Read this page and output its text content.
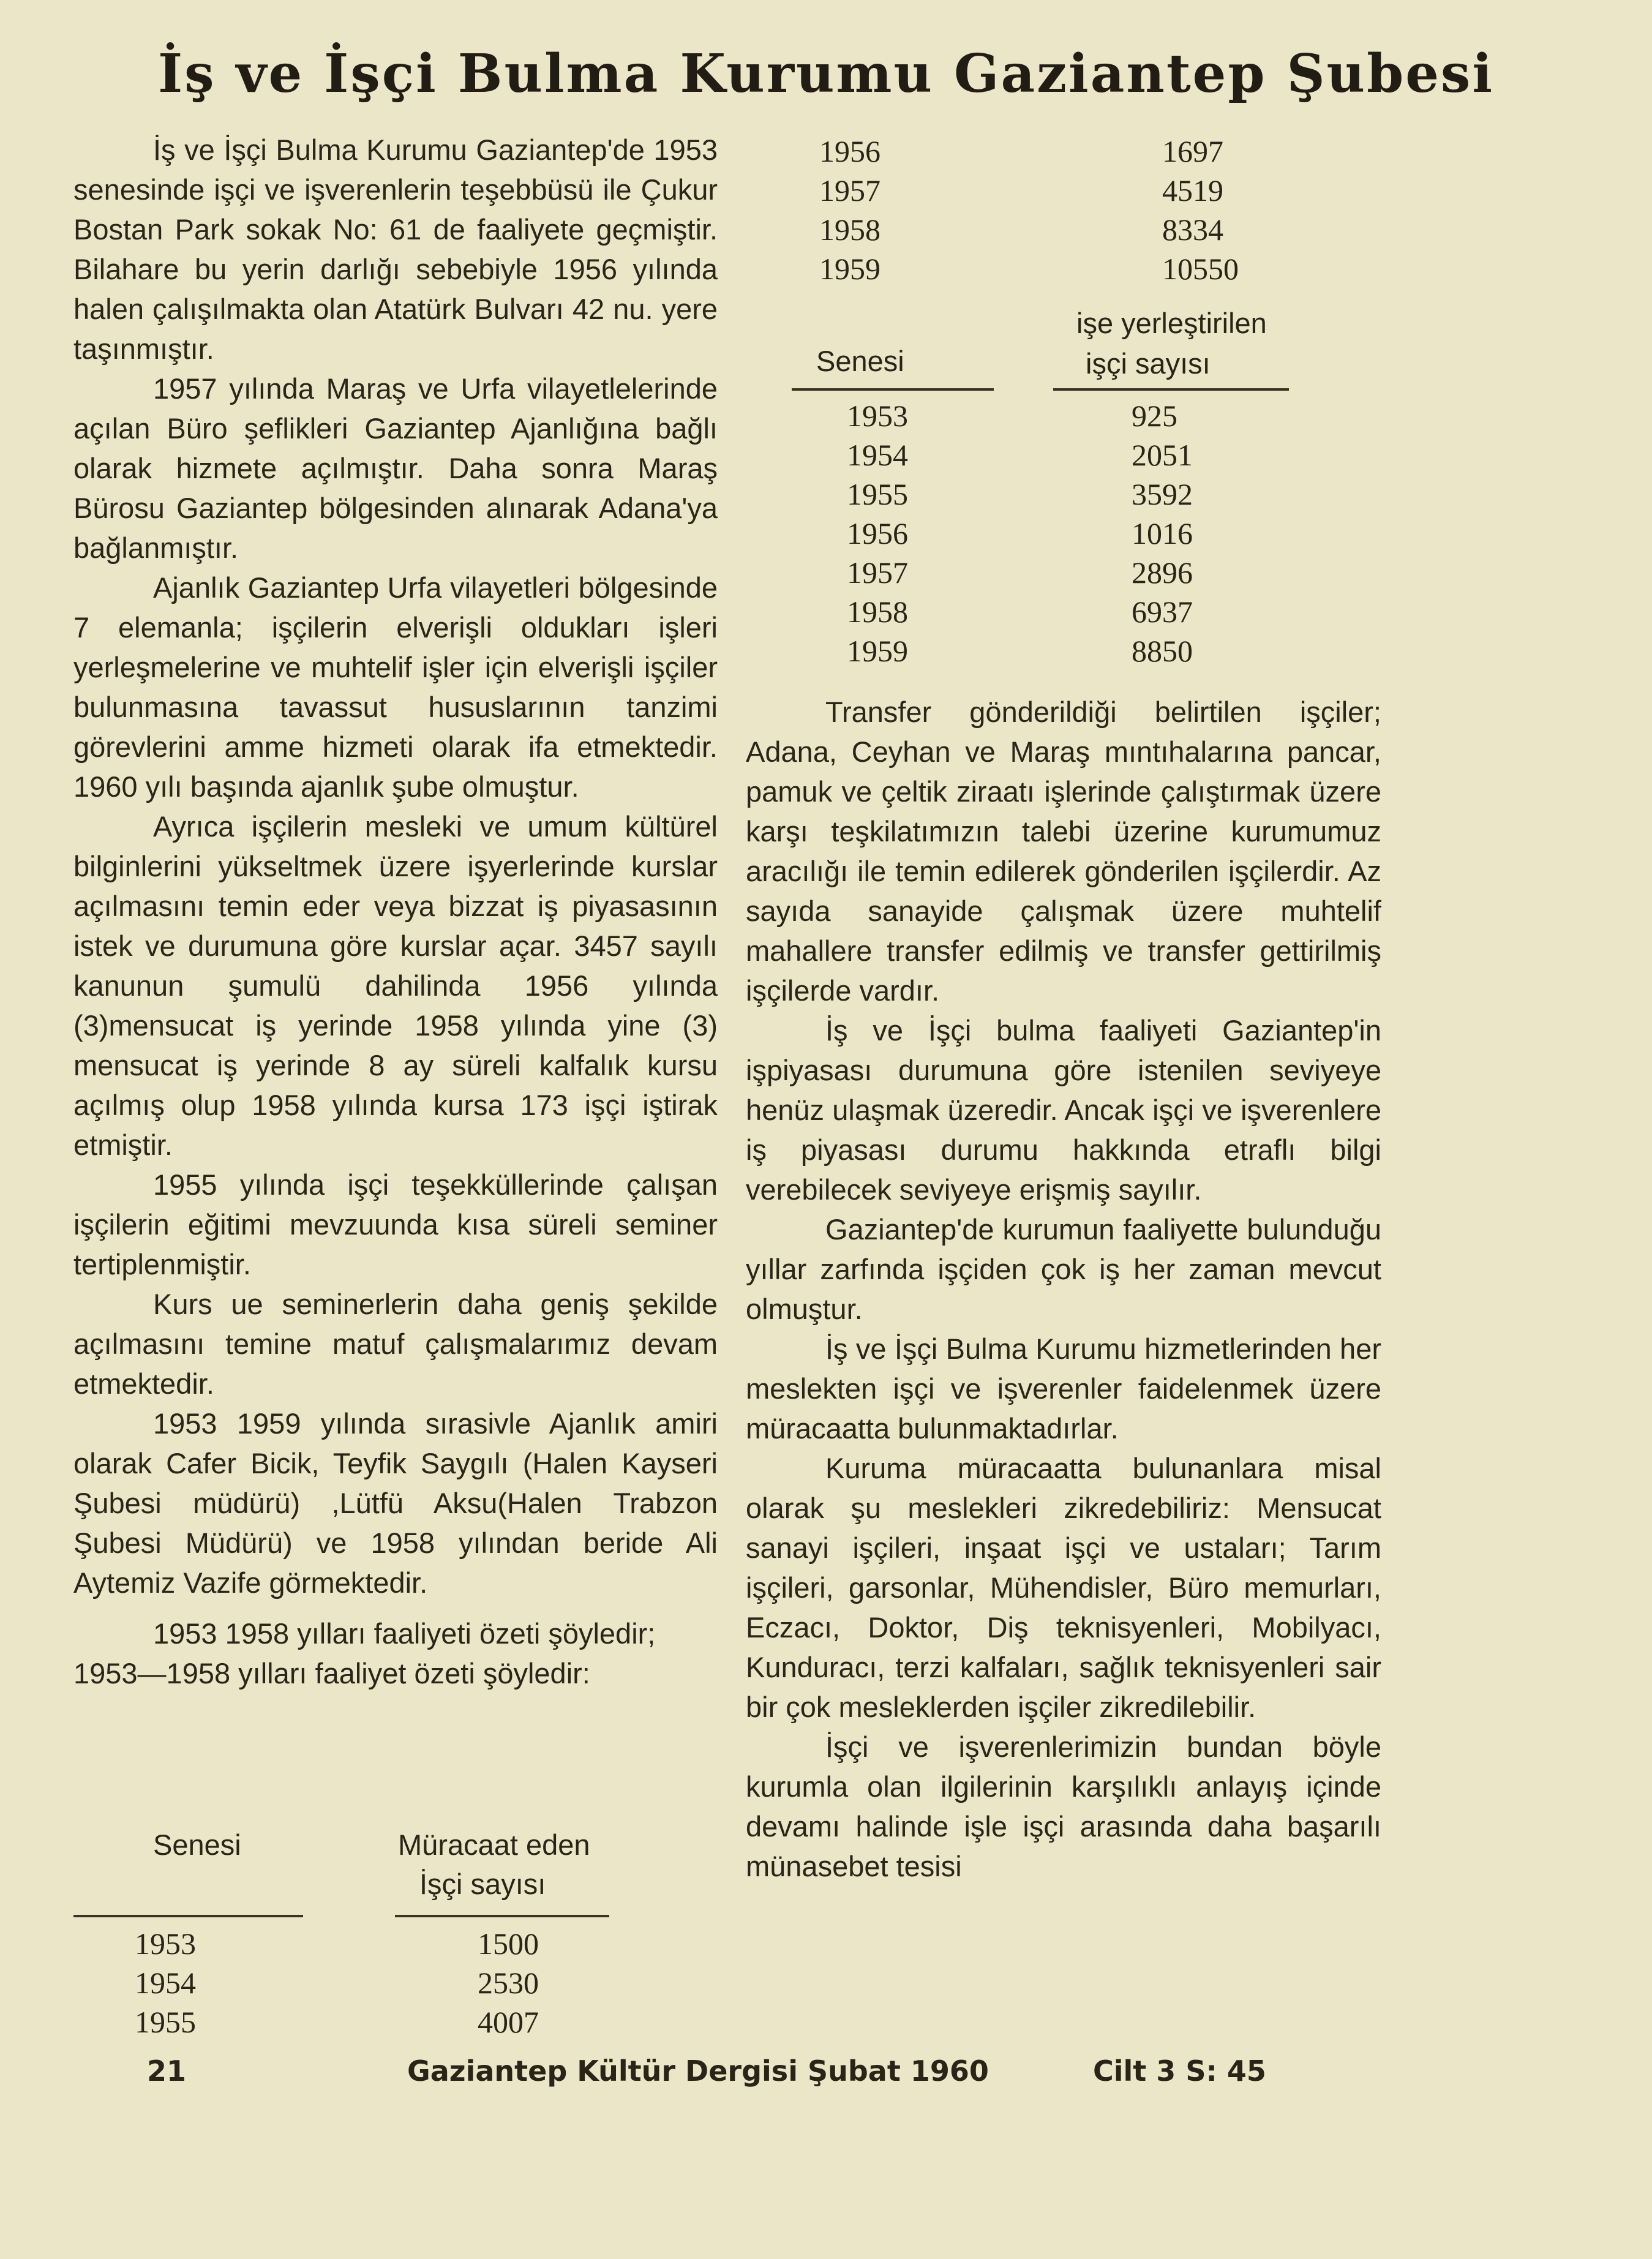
İş ve İşçi Bulma Kurumu Gaziantep Şubesi

İş ve İşçi Bulma Kurumu Gaziantep'de 1953 senesinde işçi ve işverenlerin teşebbüsü ile Çukur Bostan Park sokak No: 61 de faaliyete geçmiştir. Bilahare bu yerin darlığı sebebiyle 1956 yılında halen çalışılmakta olan Atatürk Bulvarı 42 nu. yere taşınmıştır.

1957 yılında Maraş ve Urfa vilayetlelerinde açılan Büro şeflikleri Gaziantep Ajanlığına bağlı olarak hizmete açılmıştır. Daha sonra Maraş Bürosu Gaziantep bölgesinden alınarak Adana'ya bağlanmıştır.

Ajanlık Gaziantep Urfa vilayetleri bölgesinde 7 elemanla; işçilerin elverişli oldukları işleri yerleşmelerine ve muhtelif işler için elverişli işçiler bulunmasına tavassut hususlarının tanzimi görevlerini amme hizmeti olarak ifa etmektedir. 1960 yılı başında ajanlık şube olmuştur.

Ayrıca işçilerin mesleki ve umum kültürel bilginlerini yükseltmek üzere işyerlerinde kurslar açılmasını temin eder veya bizzat iş piyasasının istek ve durumuna göre kurslar açar. 3457 sayılı kanunun şumulü dahilinda 1956 yılında (3)mensucat iş yerinde 1958 yılında yine (3) mensucat iş yerinde 8 ay süreli kalfalık kursu açılmış olup 1958 yılında kursa 173 işçi iştirak etmiştir.

1955 yılında işçi teşekküllerinde çalışan işçilerin eğitimi mevzuunda kısa süreli seminer tertiplenmiştir.

Kurs ue seminerlerin daha geniş şekilde açılmasını temine matuf çalışmalarımız devam etmektedir.

1953 1959 yılında sırasivle Ajanlık amiri olarak Cafer Bicik, Teyfik Saygılı (Halen Kayseri Şubesi müdürü) ,Lütfü Aksu(Halen Trabzon Şubesi Müdürü) ve 1958 yılından beride Ali Aytemiz Vazife görmektedir.

1953 1958 yılları faaliyeti özeti şöyledir;

1953—1958 yılları faaliyet özeti şöyledir:

Senesi	Müracaat eden
İşçi sayısı
1953	1500
1954	2530
1955	4007
1956	1697
1957	4519
1958	8334
1959	10550
işe yerleştirilen
Senesi	işçi sayısı
1953	925
1954	2051
1955	3592
1956	1016
1957	2896
1958	6937
1959	8850

Transfer gönderildiği belirtilen işçiler; Adana, Ceyhan ve Maraş mıntıhalarına pancar, pamuk ve çeltik ziraatı işlerinde çalıştırmak üzere karşı teşkilatımızın talebi üzerine kurumumuz aracılığı ile temin edilerek gönderilen işçilerdir. Az sayıda sanayide çalışmak üzere muhtelif mahallere transfer edilmiş ve transfer gettirilmiş işçilerde vardır.

İş ve İşçi bulma faaliyeti Gaziantep'in işpiyasası durumuna göre istenilen seviyeye henüz ulaşmak üzeredir. Ancak işçi ve işverenlere iş piyasası durumu hakkında etraflı bilgi verebilecek seviyeye erişmiş sayılır.

Gaziantep'de kurumun faaliyette bulunduğu yıllar zarfında işçiden çok iş her zaman mevcut olmuştur.

İş ve İşçi Bulma Kurumu hizmetlerinden her meslekten işçi ve işverenler faidelenmek üzere müracaatta bulunmaktadırlar.

Kuruma müracaatta bulunanlara misal olarak şu meslekleri zikredebiliriz: Mensucat sanayi işçileri, inşaat işçi ve ustaları; Tarım işçileri, garsonlar, Mühendisler, Büro memurları, Eczacı, Doktor, Diş teknisyenleri, Mobilyacı, Kunduracı, terzi kalfaları, sağlık teknisyenleri sair bir çok mesleklerden işçiler zikredilebilir.

İşçi ve işverenlerimizin bundan böyle kurumla olan ilgilerinin karşılıklı anlayış içinde devamı halinde işle işçi arasında daha başarılı münasebet tesisi

21	Gaziantep Kültür Dergisi Şubat 1960	Cilt 3 S: 45
